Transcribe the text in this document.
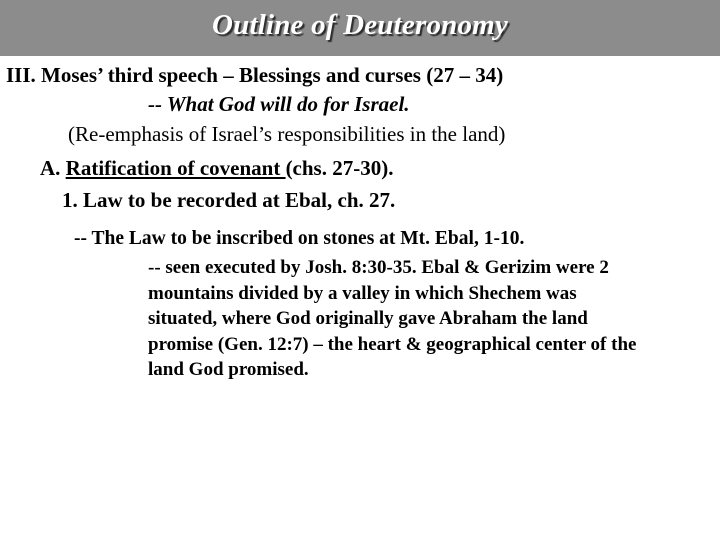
Outline of Deuteronomy
III. Moses’ third speech – Blessings and curses (27 – 34)
-- What God will do for Israel.
(Re-emphasis of Israel’s responsibilities in the land)
A. Ratification of covenant (chs. 27-30).
1. Law to be recorded at Ebal, ch. 27.
-- The Law to be inscribed on stones at Mt. Ebal, 1-10.
-- seen executed by Josh. 8:30-35. Ebal & Gerizim were 2
mountains divided by a valley in which Shechem was
situated, where God originally gave Abraham the land
promise (Gen. 12:7) – the heart & geographical center of the
land God promised.
